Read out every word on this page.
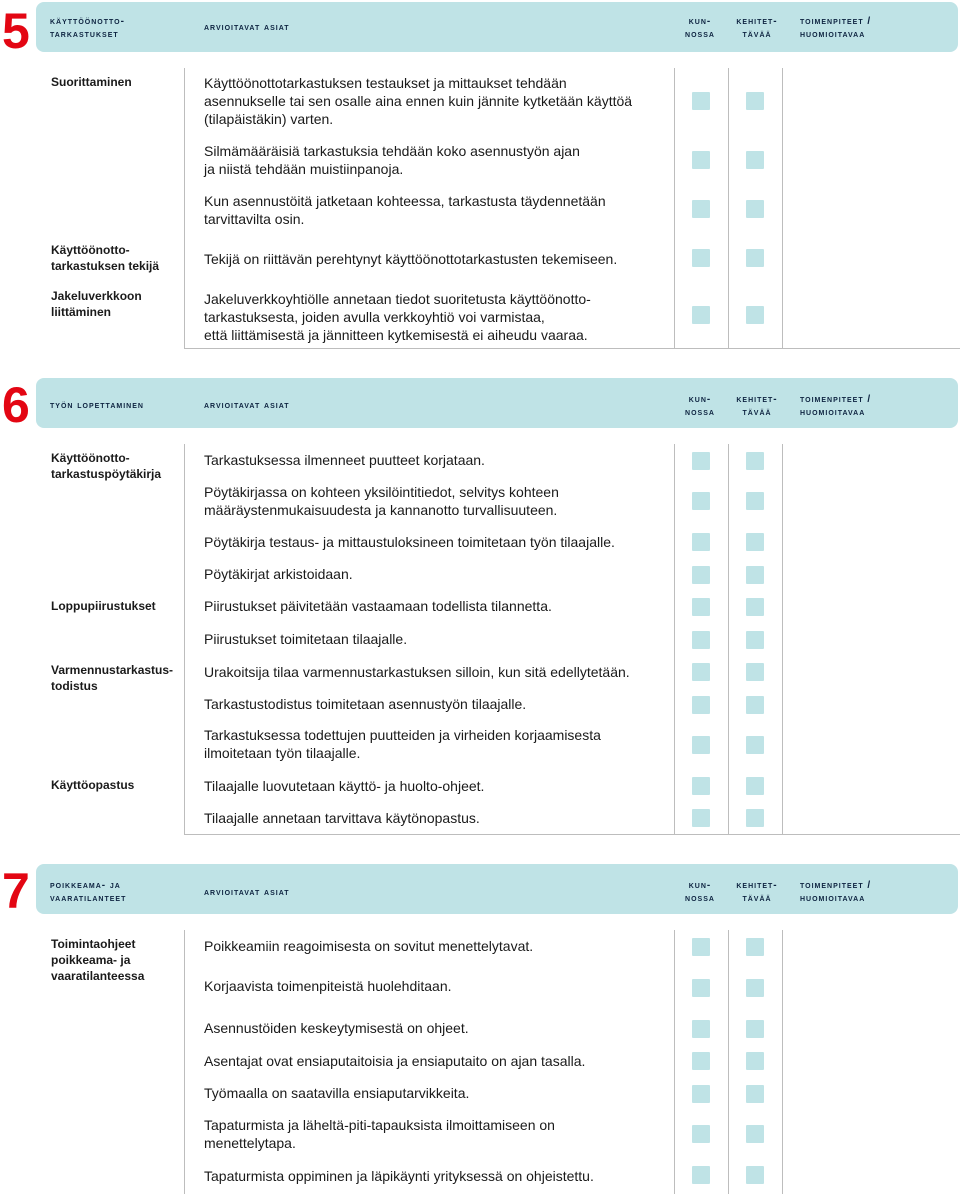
5 käyttöönotto-
tarkastukset
arvioitavat asiat
kun-
nossa
kehitet-
tävää
toimenpiteet /
huomioitavaa
Suorittaminen
Käyttöönotto-
tarkastuksen tekijä
Jakeluverkkoon
liittäminen
Käyttöönottotarkastuksen testaukset ja mittaukset tehdään
asennukselle tai sen osalle aina ennen kuin jännite kytketään käyttöä
(tilapäistäkin) varten.
Silmämääräisiä tarkastuksia tehdään koko asennustyön ajan
ja niistä tehdään muistiinpanoja.
Kun asennustöitä jatketaan kohteessa, tarkastusta täydennetään
tarvittavilta osin.
Tekijä on riittävän perehtynyt käyttöönottotarkastusten tekemiseen.
Jakeluverkkoyhtiölle annetaan tiedot suoritetusta käyttöönotto-
tarkastuksesta, joiden avulla verkkoyhtiö voi varmistaa,
että liittämisestä ja jännitteen kytkemisestä ei aiheudu vaaraa.
6 työn lopettaminen	arvioitavat asiat
kun-
nossa
kehitet-
tävää
toimenpiteet /
huomioitavaa
Käyttöönotto-
tarkastuspöytäkirja
Loppupiirustukset
Varmennustarkastus-
todistus
Käyttöopastus
Tarkastuksessa ilmenneet puutteet korjataan.
Pöytäkirjassa on kohteen yksilöintitiedot, selvitys kohteen
määräystenmukaisuudesta ja kannanotto turvallisuuteen.
Pöytäkirja testaus- ja mittaustuloksineen toimitetaan työn tilaajalle.
Pöytäkirjat arkistoidaan.
Piirustukset päivitetään vastaamaan todellista tilannetta.
Piirustukset toimitetaan tilaajalle.
Urakoitsija tilaa varmennustarkastuksen silloin, kun sitä edellytetään.
Tarkastustodistus toimitetaan asennustyön tilaajalle.
Tarkastuksessa todettujen puutteiden ja virheiden korjaamisesta
ilmoitetaan työn tilaajalle.
Tilaajalle luovutetaan käyttö- ja huolto-ohjeet.
Tilaajalle annetaan tarvittava käytönopastus.
7 poikkeama- ja
vaaratilanteet
arvioitavat asiat
kun-
nossa
kehitet-
tävää
toimenpiteet /
huomioitavaa
Toimintaohjeet
poikkeama- ja
vaaratilanteessa
Poikkeamiin reagoimisesta on sovitut menettelytavat.
Korjaavista toimenpiteistä huolehditaan.
Asennustöiden keskeytymisestä on ohjeet.
Asentajat ovat ensiaputaitoisia ja ensiaputaito on ajan tasalla.
Työmaalla on saatavilla ensiaputarvikkeita.
Tapaturmista ja läheltä-piti-tapauksista ilmoittamiseen on
menettelytapa.
Tapaturmista oppiminen ja läpikäynti yrityksessä on ohjeistettu.
